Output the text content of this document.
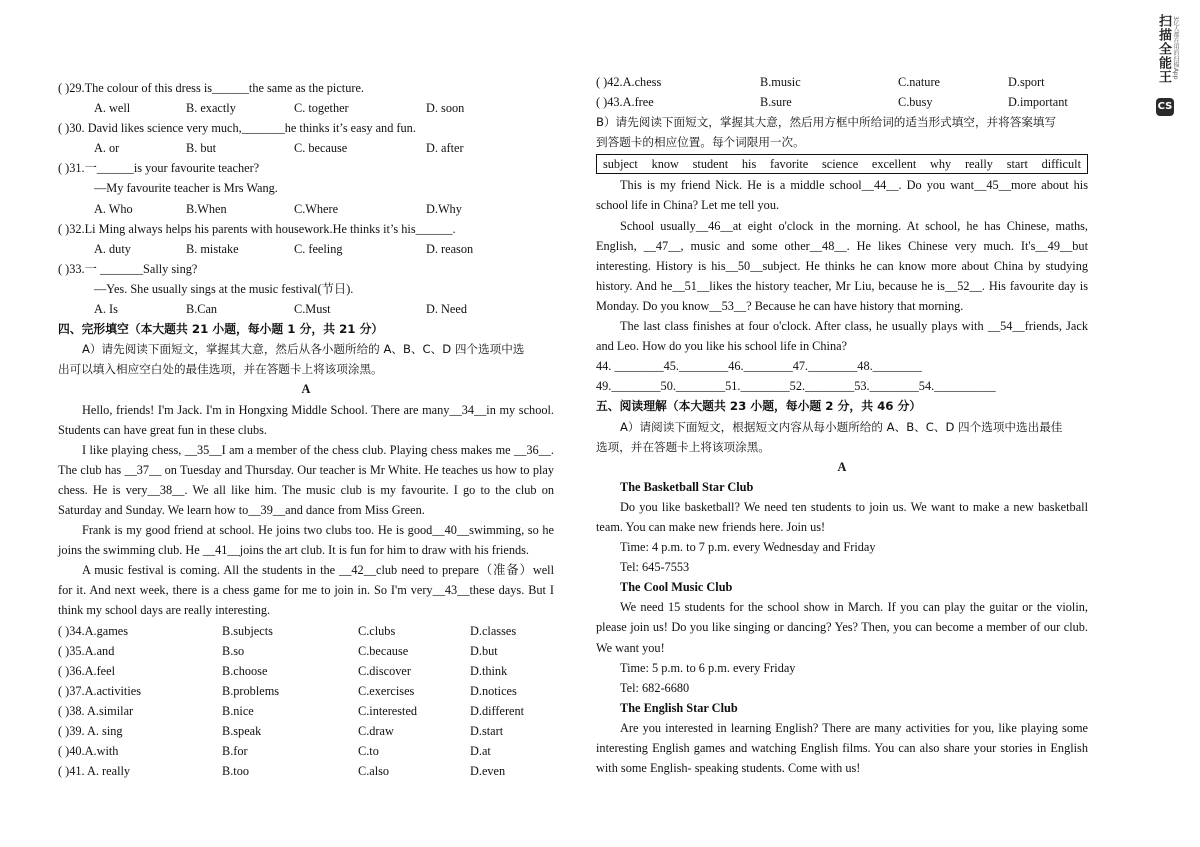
( )29.The colour of this dress is______the same as the picture.
A. well	B. exactly	C. together	D. soon
( )30. David likes science very much,_______he thinks it’s easy and fun.
A. or	B. but	C. because	D. after
( )31.一______is your favourite teacher?
—My favourite teacher is Mrs Wang.
A. Who	B.When	C.Where	D.Why
( )32.Li Ming always helps his parents with housework.He thinks it’s his______.
A. duty	B. mistake	C. feeling	D. reason
( )33.一 _______Sally sing?
—Yes. She usually sings at the music festival(节日).
A. Is	B.Can	C.Must	D. Need
四、完形填空（本大题共 21 小题，每小题 1 分，共 21 分）
A）请先阅读下面短文，掌握其大意，然后从各小题所给的 A、B、C、D 四个选项中选
出可以填入相应空白处的最佳选项，并在答题卡上将该项涂黑。
A
Hello, friends! I'm Jack. I'm in Hongxing Middle School. There are many__34__in my school. Students can have great fun in these clubs.
I like playing chess, __35__I am a member of the chess club. Playing chess makes me __36__. The club has __37__ on Tuesday and Thursday. Our teacher is Mr White. He teaches us how to play chess. He is very__38__. We all like him. The music club is my favourite. I go to the club on Saturday and Sunday. We learn how to__39__and dance from Miss Green.
Frank is my good friend at school. He joins two clubs too. He is good__40__swimming, so he joins the swimming club. He __41__joins the art club. It is fun for him to draw with his friends.
A music festival is coming. All the students in the __42__club need to prepare（准备）well for it. And next week, there is a chess game for me to join in. So I'm very__43__these days. But I think my school days are really interesting.
( )34.A.games	B.subjects	C.clubs	D.classes
( )35.A.and	B.so	C.because	D.but
( )36.A.feel	B.choose	C.discover	D.think
( )37.A.activities	B.problems	C.exercises	D.notices
( )38. A.similar	B.nice	C.interested	D.different
( )39. A. sing	B.speak	C.draw	D.start
( )40.A.with	B.for	C.to	D.at
( )41. A. really	B.too	C.also	D.even
( )42.A.chess	B.music	C.nature	D.sport
( )43.A.free	B.sure	C.busy	D.important
B）请先阅读下面短文，掌握其大意，然后用方框中所给词的适当形式填空，并将答案填写
到答题卡的相应位置。每个词限用一次。
subject know student his favorite science excellent why really start difficult
This is my friend Nick. He is a middle school__44__. Do you want__45__more about his school life in China? Let me tell you.
School usually__46__at eight o'clock in the morning. At school, he has Chinese, maths, English, __47__, music and some other__48__. He likes Chinese very much. It's__49__but interesting. History is his__50__subject. He thinks he can know more about China by studying history. And he__51__likes the history teacher, Mr Liu, because he is__52__. His favourite day is Monday. Do you know__53__? Because he can have history that morning.
The last class finishes at four o'clock. After class, he usually plays with __54__friends, Jack and Leo. How do you like his school life in China?
44. ________45.________46.________47.________48.________
49.________50.________51.________52.________53.________54.__________
五、阅读理解（本大题共 23 小题，每小题 2 分，共 46 分）
A）请阅读下面短文，根据短文内容从每小题所给的 A、B、C、D 四个选项中选出最佳
选项，并在答题卡上将该项涂黑。
A
The Basketball Star Club
Do you like basketball? We need ten students to join us. We want to make a new basketball team. You can make new friends here. Join us!
Time: 4 p.m. to 7 p.m. every Wednesday and Friday
Tel: 645-7553
The Cool Music Club
We need 15 students for the school show in March. If you can play the guitar or the violin, please join us! Do you like singing or dancing? Yes? Then, you can become a member of our club. We want you!
Time: 5 p.m. to 6 p.m. every Friday
Tel: 682-6680
The English Star Club
Are you interested in learning English? There are many activities for you, like playing some interesting English games and watching English films. You can also share your stories in English with some English- speaking students. Come with us!
扫描全能王 3亿人都在用的扫描App
CS
